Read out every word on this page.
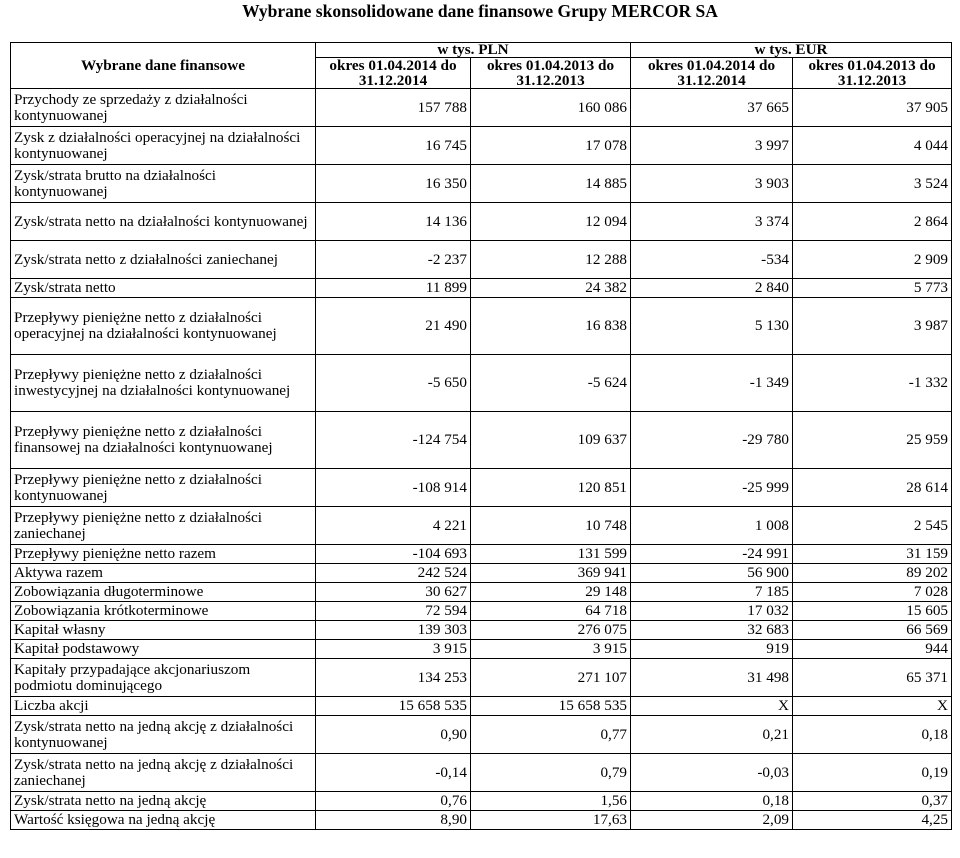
Wybrane skonsolidowane dane finansowe Grupy MERCOR SA
Wybrane dane finansowe	w tys. PLN		w tys. EUR	
	okres 01.04.2014 do 31.12.2014	okres 01.04.2013 do 31.12.2013	okres 01.04.2014 do 31.12.2014	okres 01.04.2013 do 31.12.2013
Przychody ze sprzedaży z działalności kontynuowanej	157 788	160 086	37 665	37 905
Zysk z działalności operacyjnej na działalności kontynuowanej	16 745	17 078	3 997	4 044
Zysk/strata brutto na działalności kontynuowanej	16 350	14 885	3 903	3 524
Zysk/strata netto na działalności kontynuowanej	14 136	12 094	3 374	2 864
Zysk/strata netto z działalności zaniechanej	-2 237	12 288	-534	2 909
Zysk/strata netto	11 899	24 382	2 840	5 773
Przepływy pieniężne netto z działalności operacyjnej na działalności kontynuowanej	21 490	16 838	5 130	3 987
Przepływy pieniężne netto z działalności inwestycyjnej na działalności kontynuowanej	-5 650	-5 624	-1 349	-1 332
Przepływy pieniężne netto z działalności finansowej na działalności kontynuowanej	-124 754	109 637	-29 780	25 959
Przepływy pieniężne netto z działalności kontynuowanej	-108 914	120 851	-25 999	28 614
Przepływy pieniężne netto z działalności zaniechanej	4 221	10 748	1 008	2 545
Przepływy pieniężne netto razem	-104 693	131 599	-24 991	31 159
Aktywa razem	242 524	369 941	56 900	89 202
Zobowiązania długoterminowe	30 627	29 148	7 185	7 028
Zobowiązania krótkoterminowe	72 594	64 718	17 032	15 605
Kapitał własny	139 303	276 075	32 683	66 569
Kapitał podstawowy	3 915	3 915	919	944
Kapitały przypadające akcjonariuszom podmiotu dominującego	134 253	271 107	31 498	65 371
Liczba akcji	15 658 535	15 658 535	X	X
Zysk/strata netto na jedną akcję z działalności kontynuowanej	0,90	0,77	0,21	0,18
Zysk/strata netto na jedną akcję z działalności zaniechanej	-0,14	0,79	-0,03	0,19
Zysk/strata netto na jedną akcję	0,76	1,56	0,18	0,37
Wartość księgowa na jedną akcję	8,90	17,63	2,09	4,25
